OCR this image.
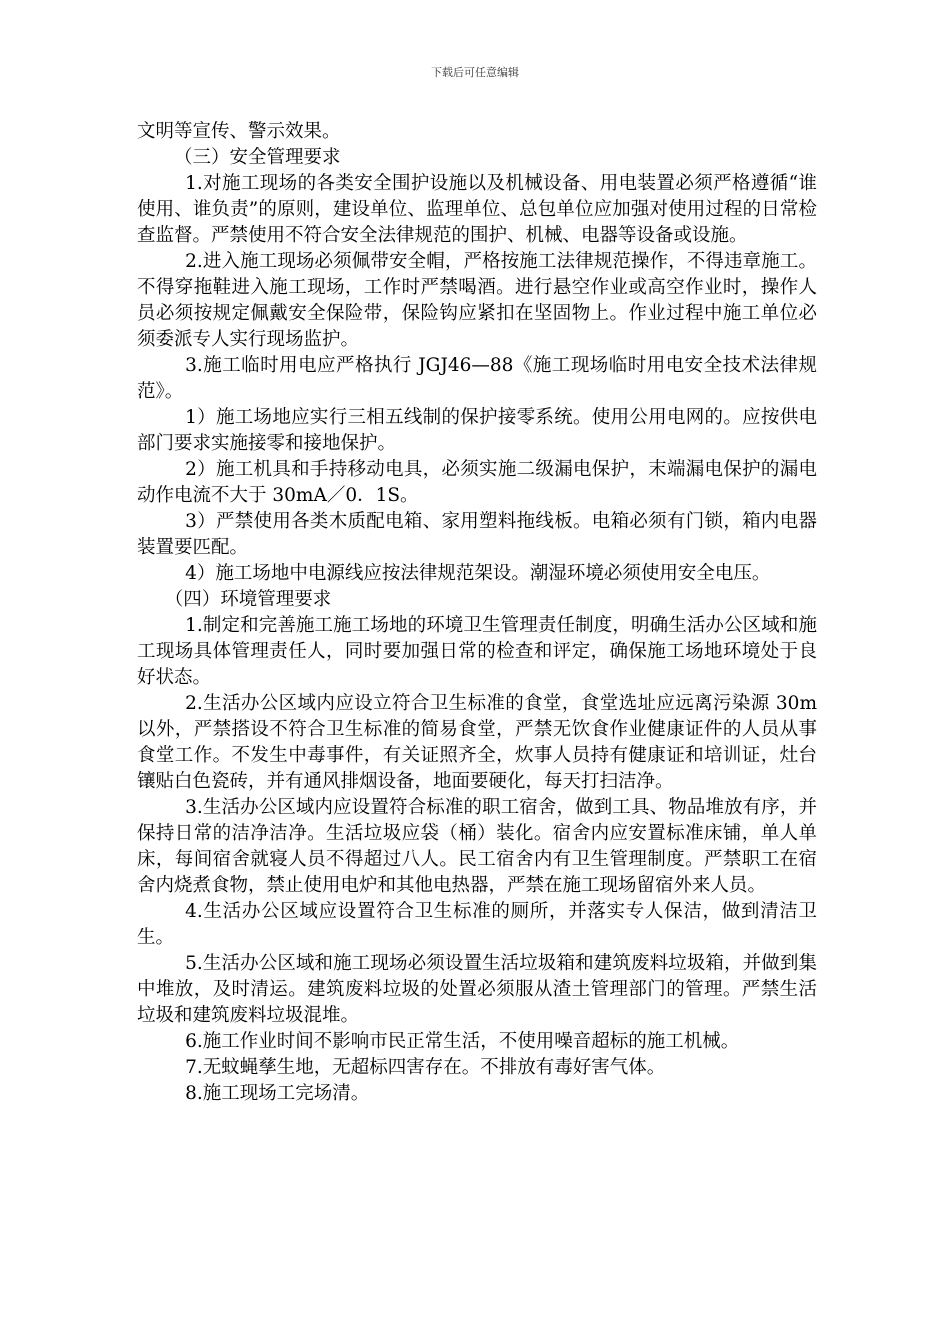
下载后可任意编辑

文明等宣传、警示效果。

（三）安全管理要求

1.对施工现场的各类安全围护设施以及机械设备、用电装置必须严格遵循“谁使用、谁负责”的原则，建设单位、监理单位、总包单位应加强对使用过程的日常检查监督。严禁使用不符合安全法律规范的围护、机械、电器等设备或设施。

2.进入施工现场必须佩带安全帽，严格按施工法律规范操作，不得违章施工。不得穿拖鞋进入施工现场，工作时严禁喝酒。进行悬空作业或高空作业时，操作人员必须按规定佩戴安全保险带，保险钩应紧扣在坚固物上。作业过程中施工单位必须委派专人实行现场监护。

3.施工临时用电应严格执行 JGJ46—88《施工现场临时用电安全技术法律规范》。

1）施工场地应实行三相五线制的保护接零系统。使用公用电网的。应按供电部门要求实施接零和接地保护。

2）施工机具和手持移动电具，必须实施二级漏电保护，末端漏电保护的漏电动作电流不大于 30mA／0．1S。

3）严禁使用各类木质配电箱、家用塑料拖线板。电箱必须有门锁，箱内电器装置要匹配。

4）施工场地中电源线应按法律规范架设。潮湿环境必须使用安全电压。

（四）环境管理要求

1.制定和完善施工施工场地的环境卫生管理责任制度，明确生活办公区域和施工现场具体管理责任人，同时要加强日常的检查和评定，确保施工场地环境处于良好状态。

2.生活办公区域内应设立符合卫生标准的食堂，食堂选址应远离污染源 30m 以外，严禁搭设不符合卫生标准的简易食堂，严禁无饮食作业健康证件的人员从事食堂工作。不发生中毒事件，有关证照齐全，炊事人员持有健康证和培训证，灶台镶贴白色瓷砖，并有通风排烟设备，地面要硬化，每天打扫洁净。

3.生活办公区域内应设置符合标准的职工宿舍，做到工具、物品堆放有序，并保持日常的洁净洁净。生活垃圾应袋（桶）装化。宿舍内应安置标准床铺，单人单床，每间宿舍就寝人员不得超过八人。民工宿舍内有卫生管理制度。严禁职工在宿舍内烧煮食物，禁止使用电炉和其他电热器，严禁在施工现场留宿外来人员。

4.生活办公区域应设置符合卫生标准的厕所，并落实专人保洁，做到清洁卫生。

5.生活办公区域和施工现场必须设置生活垃圾箱和建筑废料垃圾箱，并做到集中堆放，及时清运。建筑废料垃圾的处置必须服从渣土管理部门的管理。严禁生活垃圾和建筑废料垃圾混堆。

6.施工作业时间不影响市民正常生活，不使用噪音超标的施工机械。

7.无蚊蝇孳生地，无超标四害存在。不排放有毒好害气体。

8.施工现场工完场清。
